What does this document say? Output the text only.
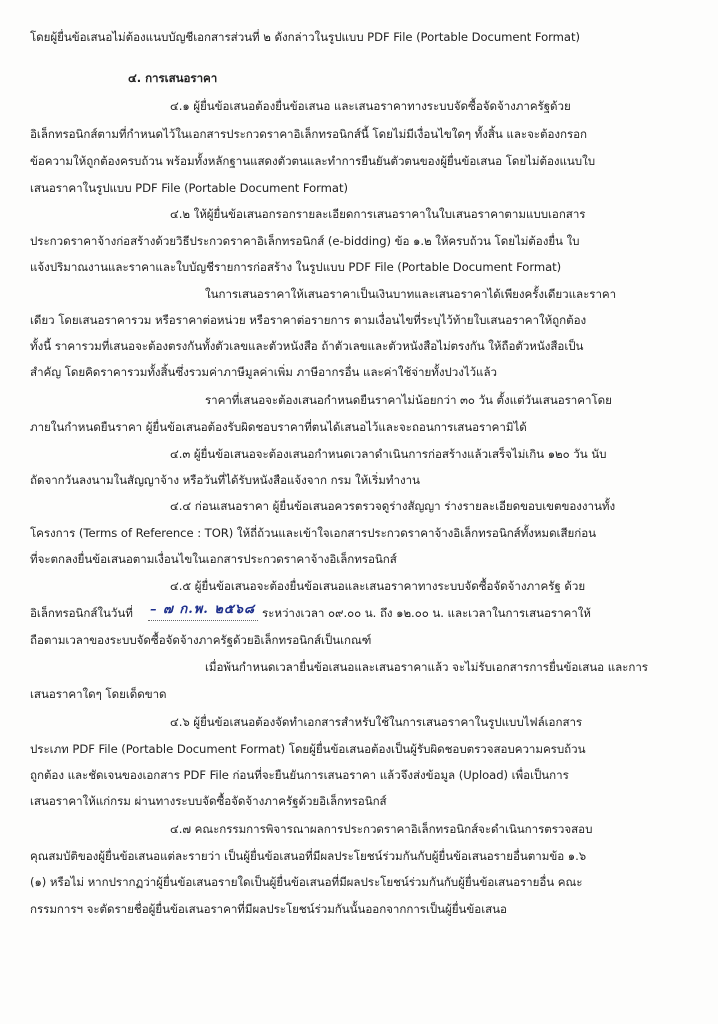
โดยผู้ยื่นข้อเสนอไม่ต้องแนบบัญชีเอกสารส่วนที่ ๒ ดังกล่าวในรูปแบบ PDF File (Portable Document Format)
๔. การเสนอราคา
๔.๑ ผู้ยื่นข้อเสนอต้องยื่นข้อเสนอ และเสนอราคาทางระบบจัดซื้อจัดจ้างภาครัฐด้วย
อิเล็กทรอนิกส์ตามที่กำหนดไว้ในเอกสารประกวดราคาอิเล็กทรอนิกส์นี้ โดยไม่มีเงื่อนไขใดๆ ทั้งสิ้น และจะต้องกรอก
ข้อความให้ถูกต้องครบถ้วน พร้อมทั้งหลักฐานแสดงตัวตนและทำการยืนยันตัวตนของผู้ยื่นข้อเสนอ โดยไม่ต้องแนบใบ
เสนอราคาในรูปแบบ PDF File (Portable Document Format)
๔.๒ ให้ผู้ยื่นข้อเสนอกรอกรายละเอียดการเสนอราคาในใบเสนอราคาตามแบบเอกสาร
ประกวดราคาจ้างก่อสร้างด้วยวิธีประกวดราคาอิเล็กทรอนิกส์ (e-bidding) ข้อ ๑.๒ ให้ครบถ้วน โดยไม่ต้องยื่น ใบ
แจ้งปริมาณงานและราคาและใบบัญชีรายการก่อสร้าง ในรูปแบบ PDF File (Portable Document Format)
ในการเสนอราคาให้เสนอราคาเป็นเงินบาทและเสนอราคาได้เพียงครั้งเดียวและราคา
เดียว โดยเสนอราคารวม หรือราคาต่อหน่วย หรือราคาต่อรายการ ตามเงื่อนไขที่ระบุไว้ท้ายใบเสนอราคาให้ถูกต้อง
ทั้งนี้ ราคารวมที่เสนอจะต้องตรงกันทั้งตัวเลขและตัวหนังสือ ถ้าตัวเลขและตัวหนังสือไม่ตรงกัน ให้ถือตัวหนังสือเป็น
สำคัญ โดยคิดราคารวมทั้งสิ้นซึ่งรวมค่าภาษีมูลค่าเพิ่ม ภาษีอากรอื่น และค่าใช้จ่ายทั้งปวงไว้แล้ว
ราคาที่เสนอจะต้องเสนอกำหนดยืนราคาไม่น้อยกว่า ๓๐ วัน ตั้งแต่วันเสนอราคาโดย
ภายในกำหนดยืนราคา ผู้ยื่นข้อเสนอต้องรับผิดชอบราคาที่ตนได้เสนอไว้และจะถอนการเสนอราคามิได้
๔.๓ ผู้ยื่นข้อเสนอจะต้องเสนอกำหนดเวลาดำเนินการก่อสร้างแล้วเสร็จไม่เกิน ๑๒๐ วัน นับ
ถัดจากวันลงนามในสัญญาจ้าง หรือวันที่ได้รับหนังสือแจ้งจาก กรม ให้เริ่มทำงาน
๔.๔ ก่อนเสนอราคา ผู้ยื่นข้อเสนอควรตรวจดูร่างสัญญา ร่างรายละเอียดขอบเขตของงานทั้ง
โครงการ (Terms of Reference : TOR) ให้ถี่ถ้วนและเข้าใจเอกสารประกวดราคาจ้างอิเล็กทรอนิกส์ทั้งหมดเสียก่อน
ที่จะตกลงยื่นข้อเสนอตามเงื่อนไขในเอกสารประกวดราคาจ้างอิเล็กทรอนิกส์
๔.๕ ผู้ยื่นข้อเสนอจะต้องยื่นข้อเสนอและเสนอราคาทางระบบจัดซื้อจัดจ้างภาครัฐ ด้วย
อิเล็กทรอนิกส์ในวันที่ – ๗ ก.พ. ๒๕๖๘ ระหว่างเวลา ๐๙.๐๐ น. ถึง ๑๒.๐๐ น. และเวลาในการเสนอราคาให้
ถือตามเวลาของระบบจัดซื้อจัดจ้างภาครัฐด้วยอิเล็กทรอนิกส์เป็นเกณฑ์
เมื่อพ้นกำหนดเวลายื่นข้อเสนอและเสนอราคาแล้ว จะไม่รับเอกสารการยื่นข้อเสนอ และการ
เสนอราคาใดๆ โดยเด็ดขาด
๔.๖ ผู้ยื่นข้อเสนอต้องจัดทำเอกสารสำหรับใช้ในการเสนอราคาในรูปแบบไฟล์เอกสาร
ประเภท PDF File (Portable Document Format) โดยผู้ยื่นข้อเสนอต้องเป็นผู้รับผิดชอบตรวจสอบความครบถ้วน
ถูกต้อง และชัดเจนของเอกสาร PDF File ก่อนที่จะยืนยันการเสนอราคา แล้วจึงส่งข้อมูล (Upload) เพื่อเป็นการ
เสนอราคาให้แก่กรม ผ่านทางระบบจัดซื้อจัดจ้างภาครัฐด้วยอิเล็กทรอนิกส์
๔.๗ คณะกรรมการพิจารณาผลการประกวดราคาอิเล็กทรอนิกส์จะดำเนินการตรวจสอบ
คุณสมบัติของผู้ยื่นข้อเสนอแต่ละรายว่า เป็นผู้ยื่นข้อเสนอที่มีผลประโยชน์ร่วมกันกับผู้ยื่นข้อเสนอรายอื่นตามข้อ ๑.๖
(๑) หรือไม่ หากปรากฏว่าผู้ยื่นข้อเสนอรายใดเป็นผู้ยื่นข้อเสนอที่มีผลประโยชน์ร่วมกันกับผู้ยื่นข้อเสนอรายอื่น คณะ
กรรมการฯ จะตัดรายชื่อผู้ยื่นข้อเสนอราคาที่มีผลประโยชน์ร่วมกันนั้นออกจากการเป็นผู้ยื่นข้อเสนอ
